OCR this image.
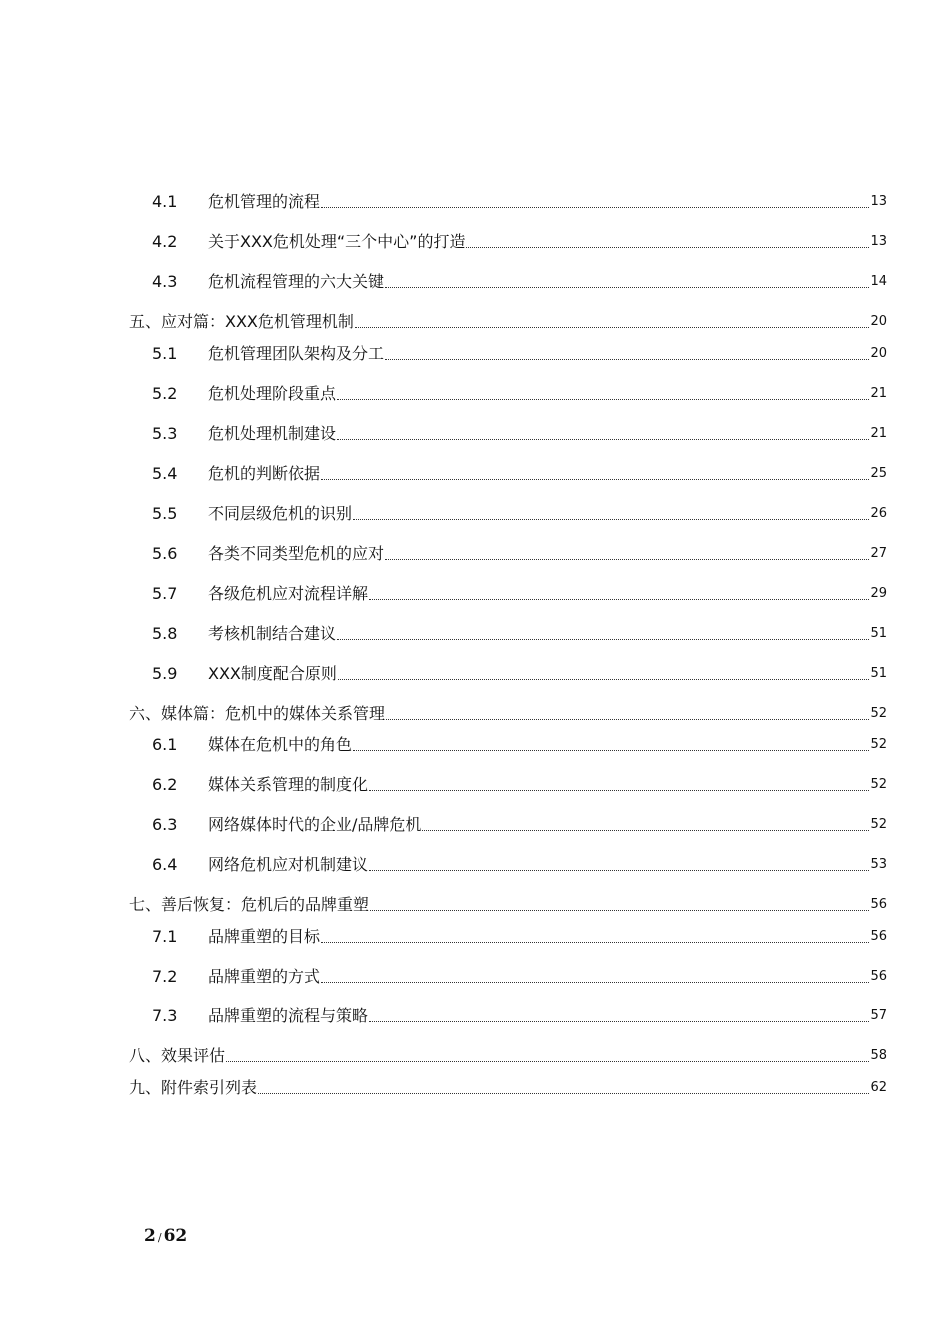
4.1	危机管理的流程	13
4.2	关于XXX危机处理“三个中心”的打造	13
4.3	危机流程管理的六大关键	14
五、应对篇：XXX危机管理机制	20
5.1	危机管理团队架构及分工	20
5.2	危机处理阶段重点	21
5.3	危机处理机制建设	21
5.4	危机的判断依据	25
5.5	不同层级危机的识别	26
5.6	各类不同类型危机的应对	27
5.7	各级危机应对流程详解	29
5.8	考核机制结合建议	51
5.9	XXX制度配合原则	51
六、媒体篇：危机中的媒体关系管理	52
6.1	媒体在危机中的角色	52
6.2	媒体关系管理的制度化	52
6.3	网络媒体时代的企业/品牌危机	52
6.4	网络危机应对机制建议	53
七、善后恢复：危机后的品牌重塑	56
7.1	品牌重塑的目标	56
7.2	品牌重塑的方式	56
7.3	品牌重塑的流程与策略	57
八、效果评估	58
九、附件索引列表	62
2 / 62
